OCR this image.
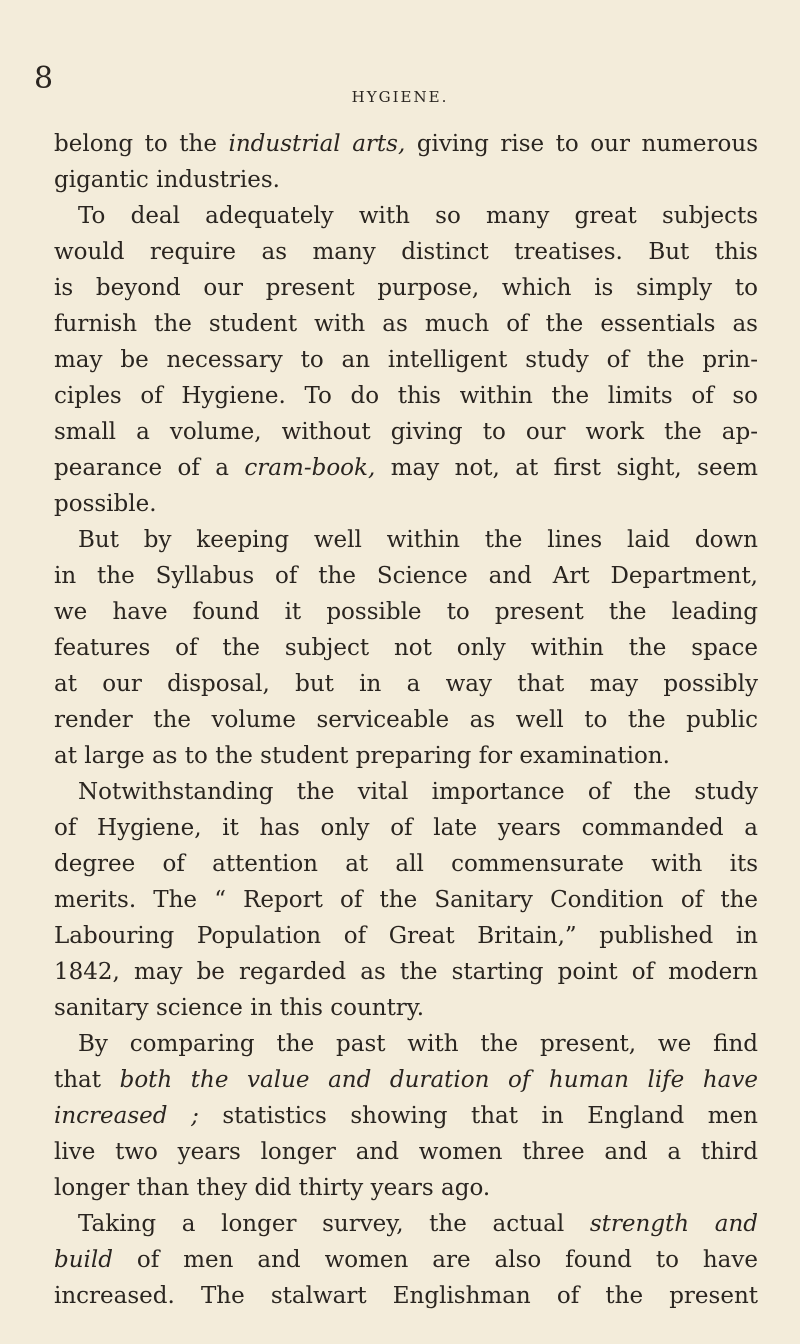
8
HYGIENE.
belong to the industrial arts, giving rise to our numerous
gigantic industries.
To deal adequately with so many great subjects
would require as many distinct treatises. But this
is beyond our present purpose, which is simply to
furnish the student with as much of the essentials as
may be necessary to an intelligent study of the prin-
ciples of Hygiene. To do this within the limits of so
small a volume, without giving to our work the ap-
pearance of a cram-book, may not, at first sight, seem
possible.
But by keeping well within the lines laid down
in the Syllabus of the Science and Art Department,
we have found it possible to present the leading
features of the subject not only within the space
at our disposal, but in a way that may possibly
render the volume serviceable as well to the public
at large as to the student preparing for examination.
Notwithstanding the vital importance of the study
of Hygiene, it has only of late years commanded a
degree of attention at all commensurate with its
merits. The “ Report of the Sanitary Condition of the
Labouring Population of Great Britain,” published in
1842, may be regarded as the starting point of modern
sanitary science in this country.
By comparing the past with the present, we find
that both the value and duration of human life have
increased ; statistics showing that in England men
live two years longer and women three and a third
longer than they did thirty years ago.
Taking a longer survey, the actual strength and
build of men and women are also found to have
increased. The stalwart Englishman of the present
